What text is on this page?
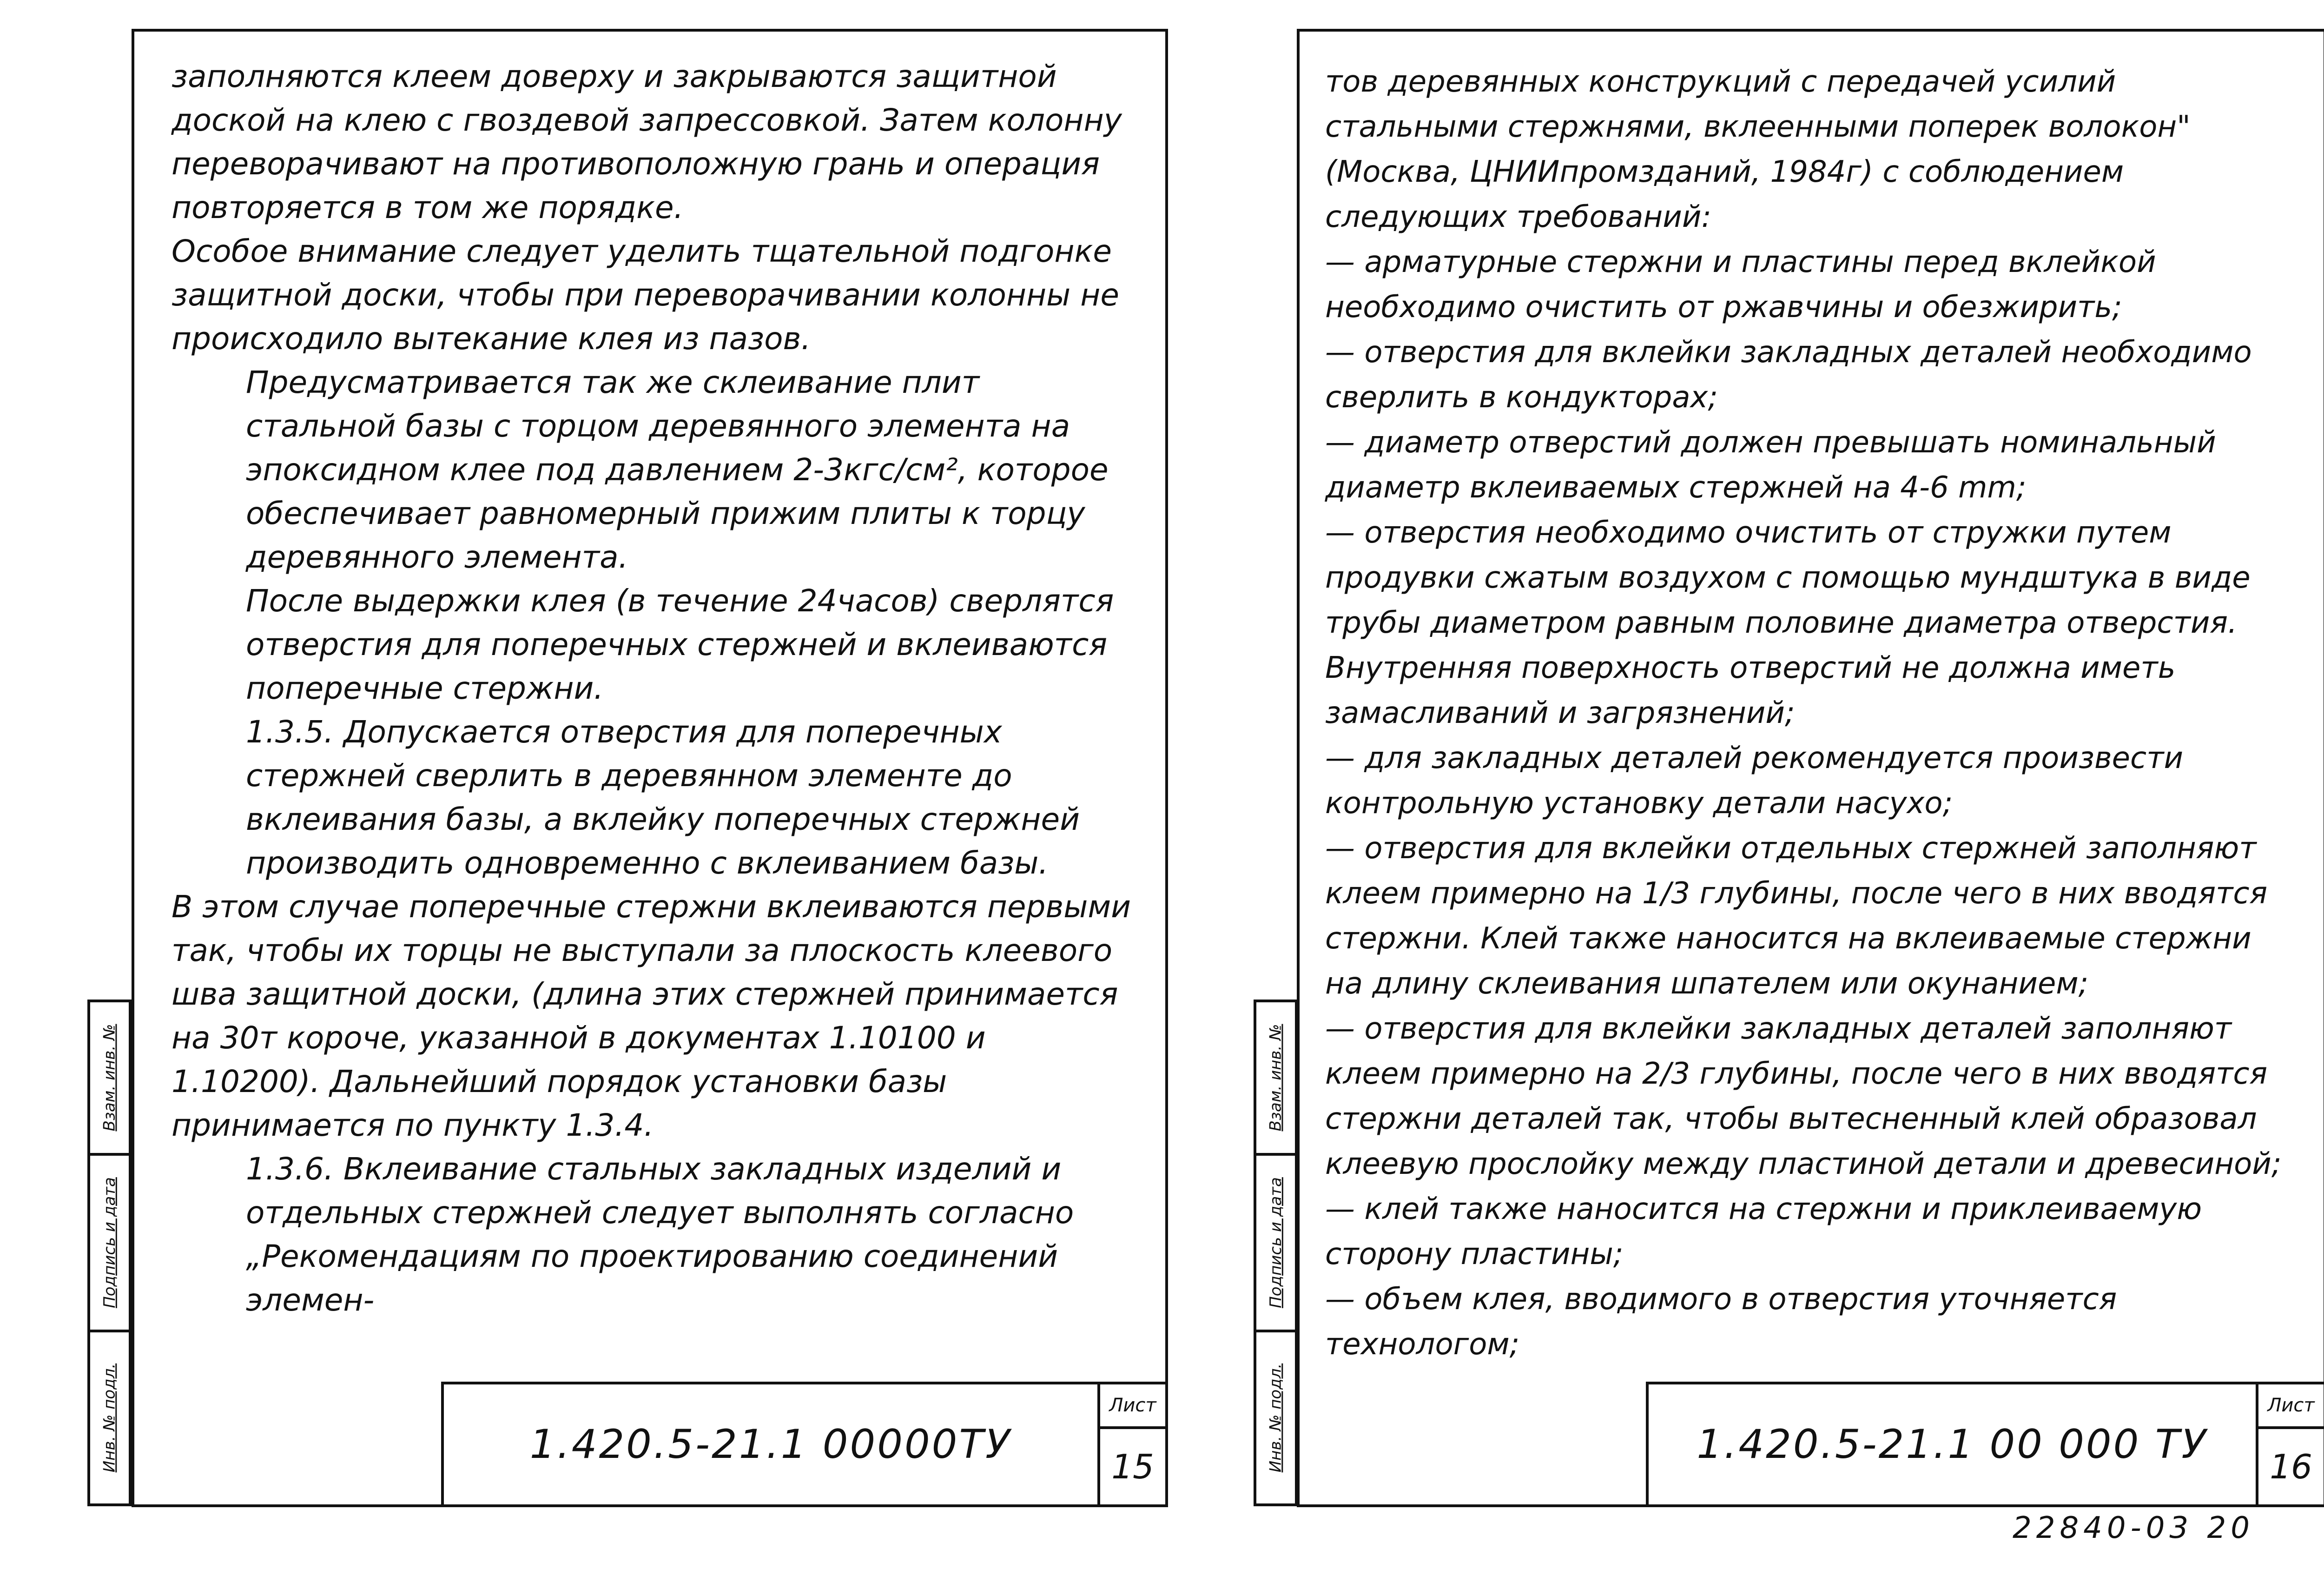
заполняются клеем доверху и закрываются защитной доской на клею с гвоздевой запрессовкой. Затем колонну переворачивают на противоположную грань и операция повторяется в том же порядке.

Особое внимание следует уделить тщательной подгонке защитной доски, чтобы при переворачивании колонны не происходило вытекание клея из пазов.

Предусматривается так же склеивание плит стальной базы с торцом деревянного элемента на эпоксидном клее под давлением 2-3кгс/см², которое обеспечивает равномерный прижим плиты к торцу деревянного элемента.

После выдержки клея (в течение 24часов) сверлятся отверстия для поперечных стержней и вклеиваются поперечные стержни.

1.3.5. Допускается отверстия для поперечных стержней сверлить в деревянном элементе до вклеивания базы, а вклейку поперечных стержней производить одновременно с вклеиванием базы.

В этом случае поперечные стержни вклеиваются первыми так, чтобы их торцы не выступали за плоскость клеевого шва защитной доски, (длина этих стержней принимается на 30т короче, указанной в документах 1.10100 и 1.10200). Дальнейший порядок установки базы принимается по пункту 1.3.4.

1.3.6. Вклеивание стальных закладных изделий и отдельных стержней следует выполнять согласно „Рекомендациям по проектированию соединений элемен-

1.420.5-21.1 00000ТУ
Лист
15
Взам. инв. №
Подпись и дата
Инв. № подл.

тов деревянных конструкций с передачей усилий стальными стержнями, вклеенными поперек волокон" (Москва, ЦНИИпромзданий, 1984г) с соблюдением следующих требований:

— арматурные стержни и пластины перед вклейкой необходимо очистить от ржавчины и обезжирить;

— отверстия для вклейки закладных деталей необходимо сверлить в кондукторах;

— диаметр отверстий должен превышать номинальный диаметр вклеиваемых стержней на 4-6 mm;

— отверстия необходимо очистить от стружки путем продувки сжатым воздухом с помощью мундштука в виде трубы диаметром равным половине диаметра отверстия. Внутренняя поверхность отверстий не должна иметь замасливаний и загрязнений;

— для закладных деталей рекомендуется произвести контрольную установку детали насухо;

— отверстия для вклейки отдельных стержней заполняют клеем примерно на 1/3 глубины, после чего в них вводятся стержни. Клей также наносится на вклеиваемые стержни на длину склеивания шпателем или окунанием;

— отверстия для вклейки закладных деталей заполняют клеем примерно на 2/3 глубины, после чего в них вводятся стержни деталей так, чтобы вытесненный клей образовал клеевую прослойку между пластиной детали и древесиной;

— клей также наносится на стержни и приклеиваемую сторону пластины;

— объем клея, вводимого в отверстия уточняется технологом;

1.420.5-21.1 00 000 ТУ
Лист
16
Взам. инв. №
Подпись и дата
Инв. № подл.
22840-03 20
